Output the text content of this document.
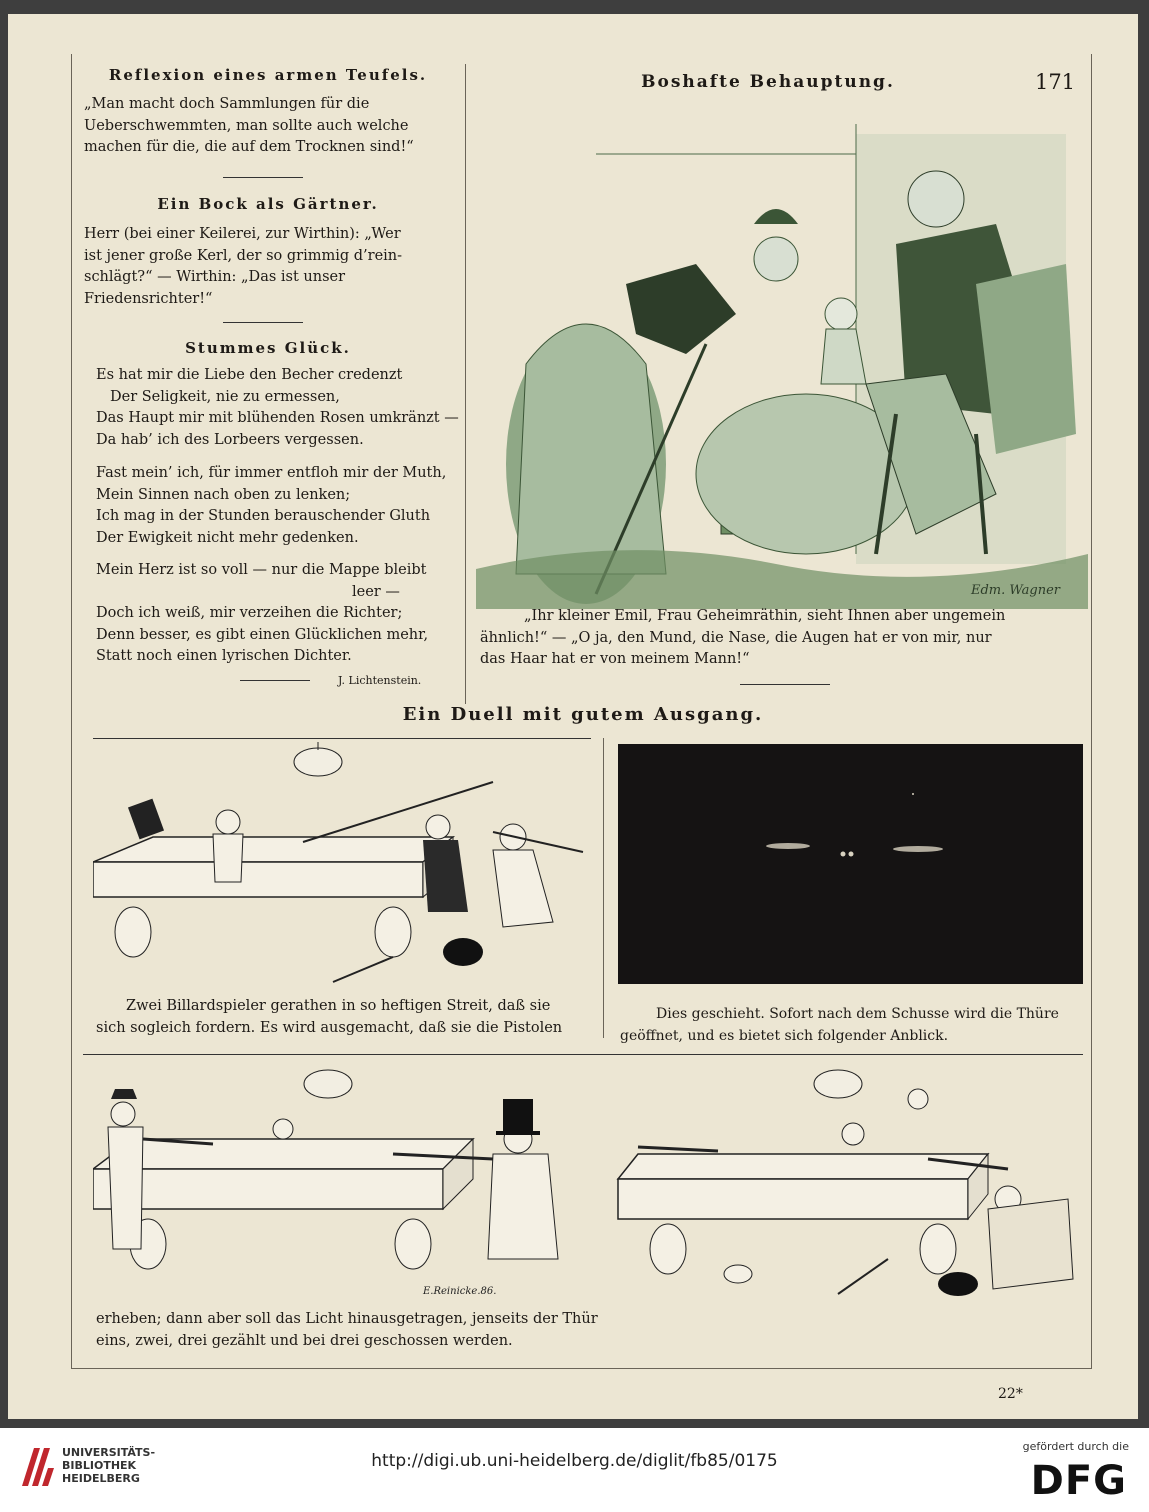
Reflexion eines armen Teufels.
„Man macht doch Sammlungen für die
Ueberschwemmten, man sollte auch welche
machen für die, die auf dem Trocknen sind!“
Ein Bock als Gärtner.
Herr (bei einer Keilerei, zur Wirthin): „Wer
ist jener große Kerl, der so grimmig d’rein-
schlägt?“ — Wirthin: „Das ist unser
Friedensrichter!“
Stummes Glück.
Es hat mir die Liebe den Becher credenzt
Der Seligkeit, nie zu ermessen,
Das Haupt mir mit blühenden Rosen umkränzt —
Da hab’ ich des Lorbeers vergessen.
Fast mein’ ich, für immer entfloh mir der Muth,
Mein Sinnen nach oben zu lenken;
Ich mag in der Stunden berauschender Gluth
Der Ewigkeit nicht mehr gedenken.
Mein Herz ist so voll — nur die Mappe bleibt
leer —
Doch ich weiß, mir verzeihen die Richter;
Denn besser, es gibt einen Glücklichen mehr,
Statt noch einen lyrischen Dichter.
J. Lichtenstein.
Boshafte Behauptung.	171
Edm. Wagner
„Ihr kleiner Emil, Frau Geheimräthin, sieht Ihnen aber ungemein
ähnlich!“ — „O ja, den Mund, die Nase, die Augen hat er von mir, nur
das Haar hat er von meinem Mann!“
Ein Duell mit gutem Ausgang.
Zwei Billardspieler gerathen in so heftigen Streit, daß sie
sich sogleich fordern. Es wird ausgemacht, daß sie die Pistolen
Dies geschieht. Sofort nach dem Schusse wird die Thüre
geöffnet, und es bietet sich folgender Anblick.
E.Reinicke.86.
erheben; dann aber soll das Licht hinausgetragen, jenseits der Thür
eins, zwei, drei gezählt und bei drei geschossen werden.
22*
UNIVERSITÄTS-
BIBLIOTHEK
HEIDELBERG
http://digi.ub.uni-heidelberg.de/diglit/fb85/0175
gefördert durch die
DFG
